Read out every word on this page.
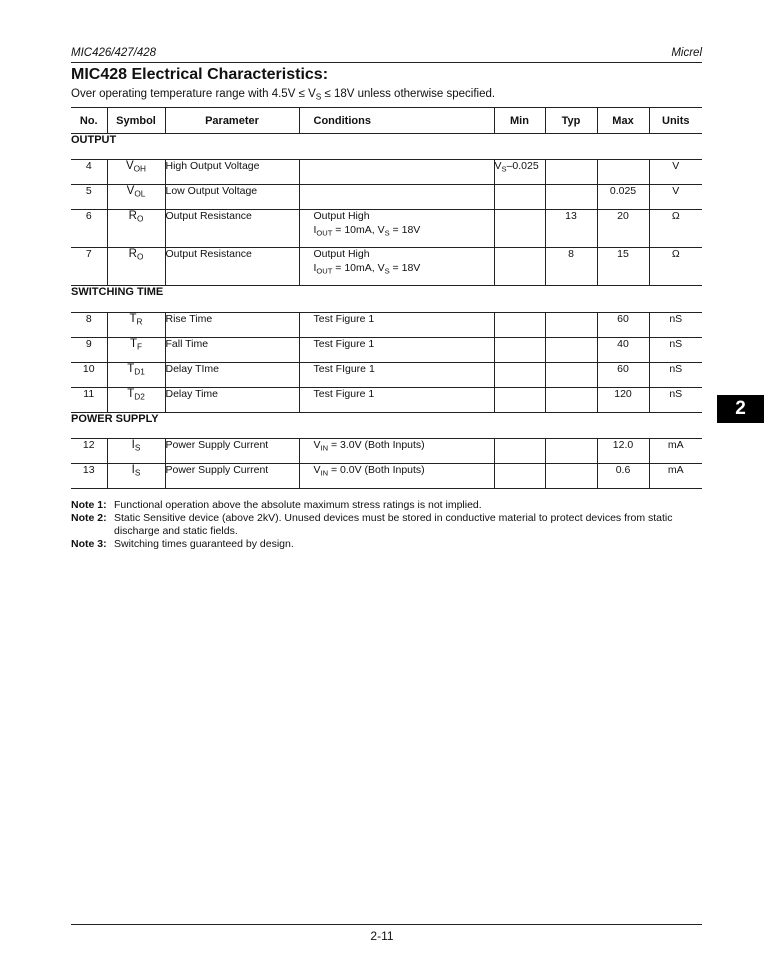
MIC426/427/428	Micrel
MIC428 Electrical Characteristics:
Over operating temperature range with $4.5V \le V_S \le 18V$ unless otherwise specified.
No.	Symbol	Parameter	Conditions	Min	Typ	Max	Units
OUTPUT							
4	$V_{OH}$	High Output Voltage		$V_S-0.025$			V
5	$V_{OL}$	Low Output Voltage				0.025	V
6	$R_O$	Output Resistance	Output High
$I_{OUT} = 10mA$, $V_S = 18V$		13	20	Ω
7	$R_O$	Output Resistance	Output High
$I_{OUT} = 10mA$, $V_S = 18V$		8	15	Ω
SWITCHING TIME							
8	$T_R$	Rise Time	Test Figure 1			60	nS
9	$T_F$	Fall Time	Test Figure 1			40	nS
10	$T_{D1}$	Delay TIme	Test FIgure 1			60	nS
11	$T_{D2}$	Delay Time	Test Figure 1			120	nS
POWER SUPPLY							
12	$I_S$	Power Supply Current	$V_{IN} = 3.0V$ (Both Inputs)			12.0	mA
13	$I_S$	Power Supply Current	$V_{IN} = 0.0V$ (Both Inputs)			0.6	mA
Note 1: Functional operation above the absolute maximum stress ratings is not implied.
Note 2: Static Sensitive device (above 2kV). Unused devices must be stored in conductive material to protect devices from static discharge and static fields.
Note 3: Switching times guaranteed by design.
2
2-11
